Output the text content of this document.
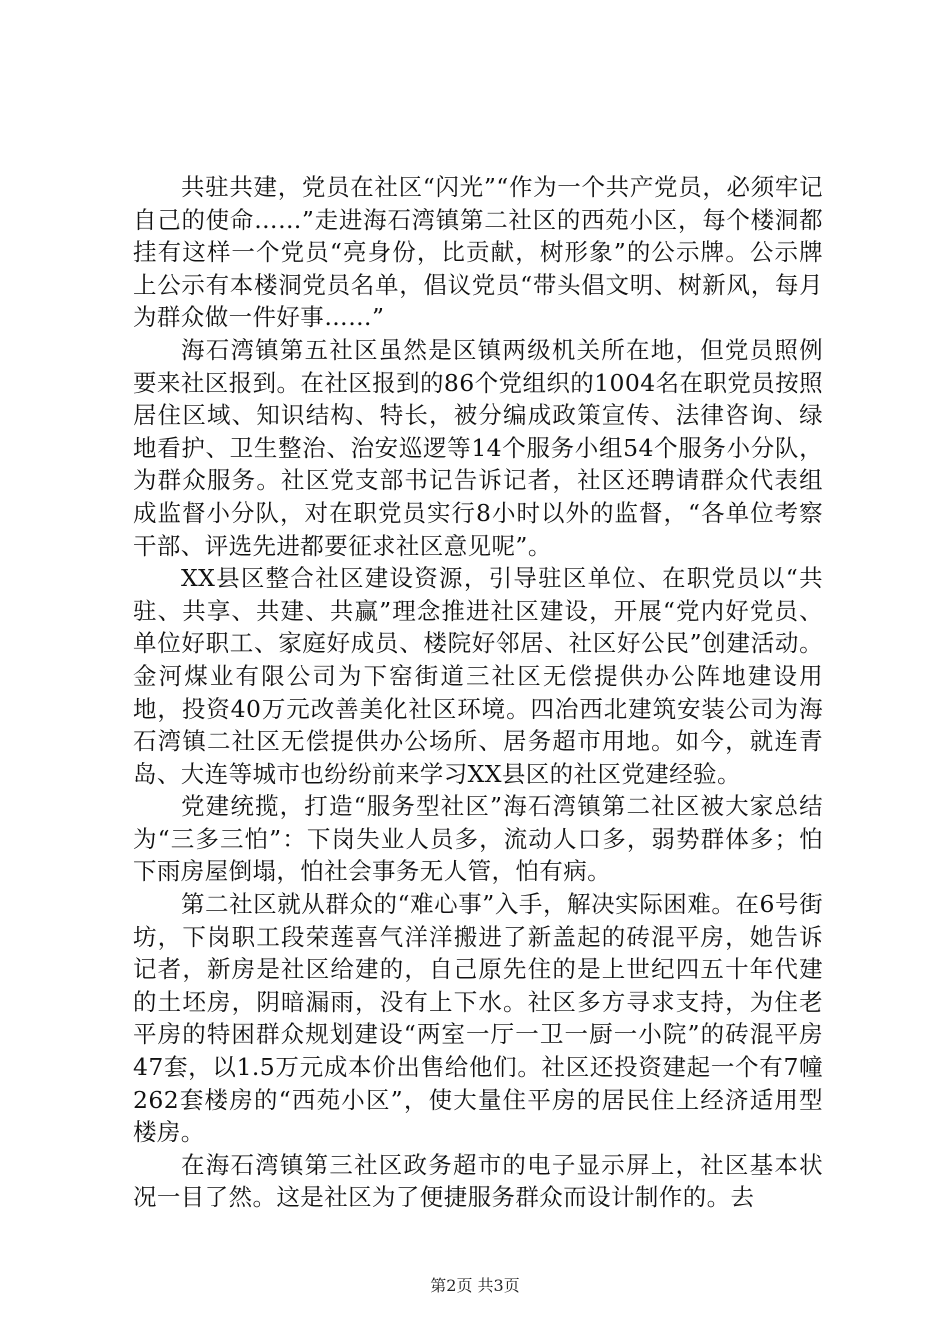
共驻共建，党员在社区“闪光”“作为一个共产党员，必须牢记自己的使命……”走进海石湾镇第二社区的西苑小区，每个楼洞都挂有这样一个党员“亮身份，比贡献，树形象”的公示牌。公示牌上公示有本楼洞党员名单，倡议党员“带头倡文明、树新风，每月为群众做一件好事……”

海石湾镇第五社区虽然是区镇两级机关所在地，但党员照例要来社区报到。在社区报到的86个党组织的1004名在职党员按照居住区域、知识结构、特长，被分编成政策宣传、法律咨询、绿地看护、卫生整治、治安巡逻等14个服务小组54个服务小分队，为群众服务。社区党支部书记告诉记者，社区还聘请群众代表组成监督小分队，对在职党员实行8小时以外的监督，“各单位考察干部、评选先进都要征求社区意见呢”。

XX县区整合社区建设资源，引导驻区单位、在职党员以“共驻、共享、共建、共赢”理念推进社区建设，开展“党内好党员、单位好职工、家庭好成员、楼院好邻居、社区好公民”创建活动。金河煤业有限公司为下窑街道三社区无偿提供办公阵地建设用地，投资40万元改善美化社区环境。四冶西北建筑安装公司为海石湾镇二社区无偿提供办公场所、居务超市用地。如今，就连青岛、大连等城市也纷纷前来学习XX县区的社区党建经验。

党建统揽，打造“服务型社区”海石湾镇第二社区被大家总结为“三多三怕”：下岗失业人员多，流动人口多，弱势群体多；怕下雨房屋倒塌，怕社会事务无人管，怕有病。

第二社区就从群众的“难心事”入手，解决实际困难。在6号街坊，下岗职工段荣莲喜气洋洋搬进了新盖起的砖混平房，她告诉记者，新房是社区给建的，自己原先住的是上世纪四五十年代建的土坯房，阴暗漏雨，没有上下水。社区多方寻求支持，为住老平房的特困群众规划建设“两室一厅一卫一厨一小院”的砖混平房47套，以1.5万元成本价出售给他们。社区还投资建起一个有7幢262套楼房的“西苑小区”，使大量住平房的居民住上经济适用型楼房。

在海石湾镇第三社区政务超市的电子显示屏上，社区基本状况一目了然。这是社区为了便捷服务群众而设计制作的。去

第2页 共3页
